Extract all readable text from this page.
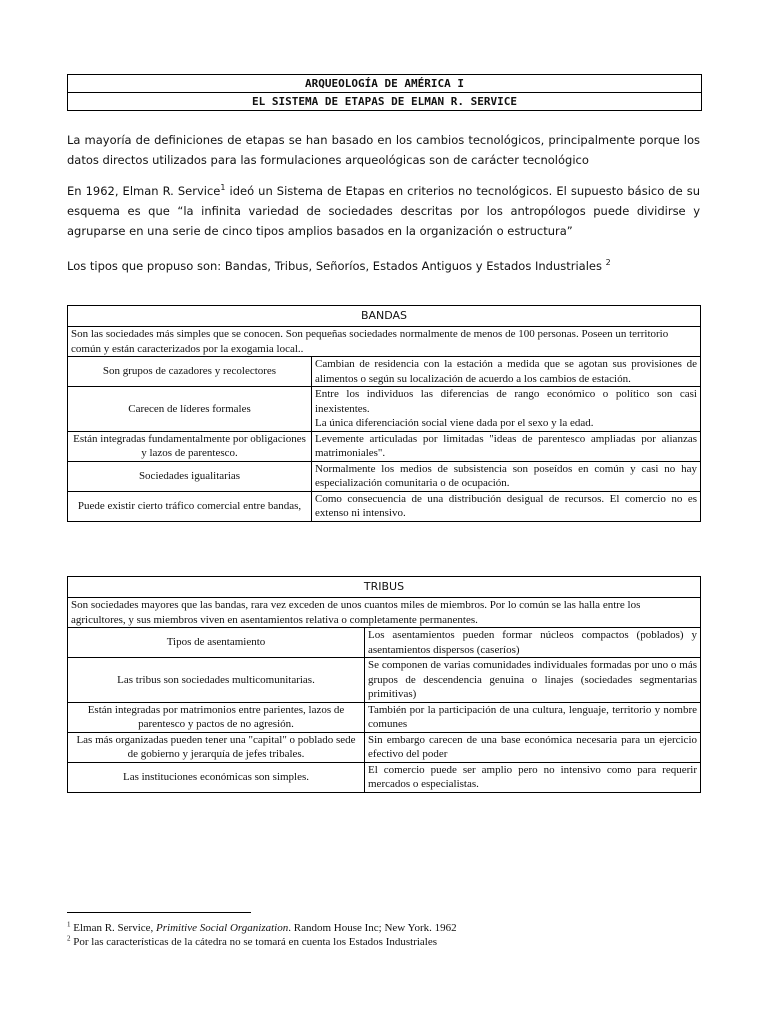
ARQUEOLOGÍA DE AMÉRICA I
EL SISTEMA DE ETAPAS DE ELMAN R. SERVICE
La mayoría de definiciones de etapas se han basado en los cambios tecnológicos, principalmente porque los datos directos utilizados para las formulaciones arqueológicas son de carácter tecnológico
En 1962, Elman R. Service$^1$ ideó un Sistema de Etapas en criterios no tecnológicos. El supuesto básico de su esquema es que “la infinita variedad de sociedades descritas por los antropólogos puede dividirse y agruparse en una serie de cinco tipos amplios basados en la organización o estructura”
Los tipos que propuso son: Bandas, Tribus, Señoríos, Estados Antiguos y Estados Industriales $^2$
BANDAS	
Son las sociedades más simples que se conocen. Son pequeñas sociedades normalmente de menos de 100 personas. Poseen un territorio común y están caracterizados por la exogamia local..	
Son grupos de cazadores y recolectores	Cambian de residencia con la estación a medida que se agotan sus provisiones de alimentos o según su localización de acuerdo a los cambios de estación.
Carecen de líderes formales	Entre los individuos las diferencias de rango económico o político son casi inexistentes.
La única diferenciación social viene dada por el sexo y la edad.
Están integradas fundamentalmente por obligaciones y lazos de parentesco.	Levemente articuladas por limitadas "ideas de parentesco ampliadas por alianzas matrimoniales".
Sociedades igualitarias	Normalmente los medios de subsistencia son poseídos en común y casi no hay especialización comunitaria o de ocupación.
Puede existir cierto tráfico comercial entre bandas,	Como consecuencia de una distribución desigual de recursos. El comercio no es extenso ni intensivo.
TRIBUS	
Son sociedades mayores que las bandas, rara vez exceden de unos cuantos miles de miembros. Por lo común se las halla entre los agricultores, y sus miembros viven en asentamientos relativa o completamente permanentes.	
Tipos de asentamiento	Los asentamientos pueden formar núcleos compactos (poblados) y asentamientos dispersos (caseríos)
Las tribus son sociedades multicomunitarias.	Se componen de varias comunidades individuales formadas por uno o más grupos de descendencia genuina o linajes (sociedades segmentarias primitivas)
Están integradas por matrimonios entre parientes, lazos de parentesco y pactos de no agresión.	También por la participación de una cultura, lenguaje, territorio y nombre comunes
Las más organizadas pueden tener una "capital" o poblado sede de gobierno y jerarquía de jefes tribales.	Sin embargo carecen de una base económica necesaria para un ejercicio efectivo del poder
Las instituciones económicas son simples.	El comercio puede ser amplio pero no intensivo como para requerir mercados o especialistas.
$^1$ Elman R. Service, Primitive Social Organization. Random House Inc; New York. 1962
$^2$ Por las características de la cátedra no se tomará en cuenta los Estados Industriales
